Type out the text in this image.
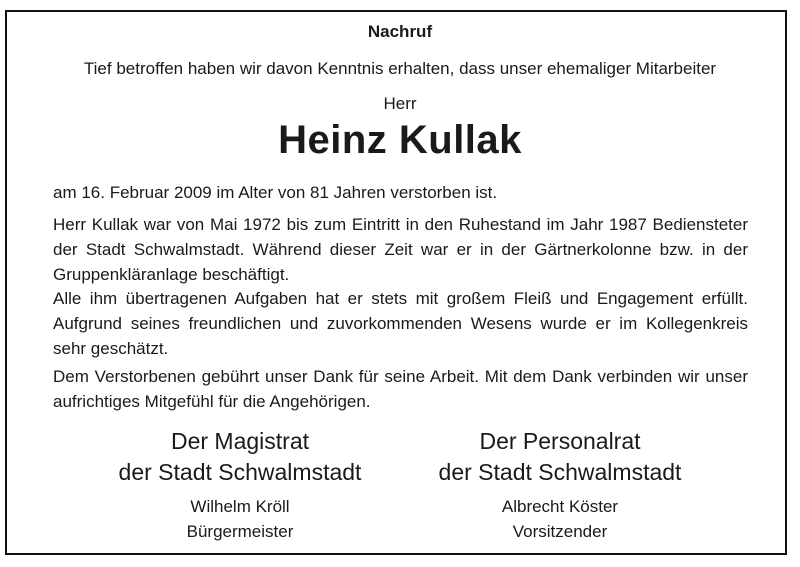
Nachruf
Tief betroffen haben wir davon Kenntnis erhalten, dass unser ehemaliger Mitarbeiter
Herr
Heinz Kullak
am 16. Februar 2009 im Alter von 81 Jahren verstorben ist.
Herr Kullak war von Mai 1972 bis zum Eintritt in den Ruhestand im Jahr 1987 Bediensteter der Stadt Schwalmstadt. Während dieser Zeit war er in der Gärtnerkolonne bzw. in der Gruppenkläranlage beschäftigt.
Alle ihm übertragenen Aufgaben hat er stets mit großem Fleiß und Engagement erfüllt. Aufgrund seines freundlichen und zuvorkommenden Wesens wurde er im Kollegenkreis sehr geschätzt.
Dem Verstorbenen gebührt unser Dank für seine Arbeit. Mit dem Dank verbinden wir unser aufrichtiges Mitgefühl für die Angehörigen.
Der Magistrat
der Stadt Schwalmstadt
Wilhelm Kröll
Bürgermeister
Der Personalrat
der Stadt Schwalmstadt
Albrecht Köster
Vorsitzender
